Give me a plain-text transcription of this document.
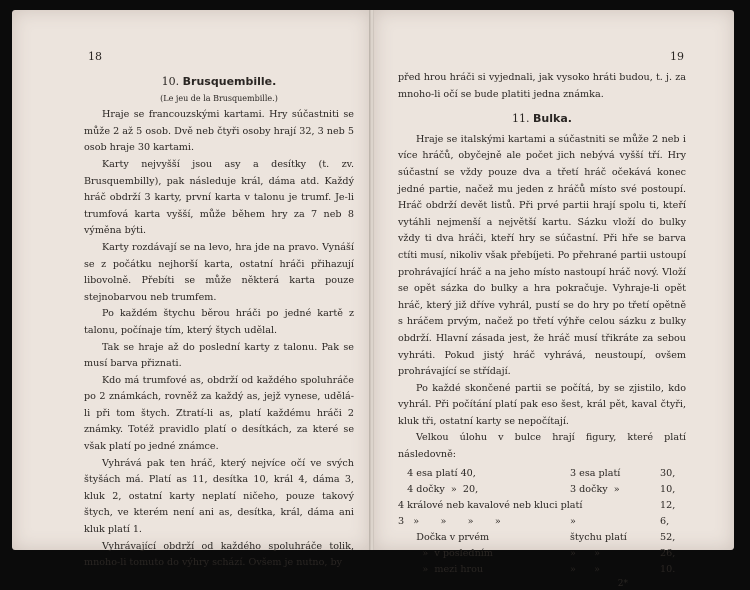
18

10. Brusquembille.

(Le jeu de la Brusquembille.)

Hraje se francouzskými kartami. Hry súčastniti se může 2 až 5 osob. Dvě neb čtyři osoby hrají 32, 3 neb 5 osob hraje 30 kartami.

Karty nejvyšší jsou asy a desítky (t. zv. Brusquembilly), pak následuje král, dáma atd. Každý hráč obdrží 3 karty, první karta v talonu je trumf. Je-li trumfová karta vyšší, může během hry za 7 neb 8 výměna býti.

Karty rozdávají se na levo, hra jde na pravo. Vynáší se z počátku nejhorší karta, ostatní hráči přihazují libovolně. Přebíti se může některá karta pouze stejnobarvou neb trumfem.

Po každém štychu běrou hráči po jedné kartě z talonu, počínaje tím, který štych udělal.

Tak se hraje až do poslední karty z talonu. Pak se musí barva přiznati.

Kdo má trumfové as, obdrží od každého spoluhráče po 2 známkách, rovněž za každý as, jejž vynese, udělá-li při tom štych. Ztratí-li as, platí každému hráči 2 známky. Totéž pravidlo platí o desítkách, za které se však platí po jedné známce.

Vyhrává pak ten hráč, který nejvíce očí ve svých štyšách má. Platí as 11, desítka 10, král 4, dáma 3, kluk 2, ostatní karty neplatí ničeho, pouze takový štych, ve kterém není ani as, desítka, král, dáma ani kluk platí 1.

Vyhrávající obdrží od každého spoluhráče tolik, mnoho-li tomuto do výhry schází. Ovšem je nutno, by

19

před hrou hráči si vyjednali, jak vysoko hráti budou, t. j. za mnoho-li očí se bude platiti jedna známka.

11. Bulka.

Hraje se italskými kartami a súčastniti se může 2 neb i více hráčů, obyčejně ale počet jich nebývá vyšší tří. Hry súčastní se vždy pouze dva a třetí hráč očekává konec jedné partie, načež mu jeden z hráčů místo své postoupí. Hráč obdrží devět listů. Při prvé partii hrají spolu ti, kteří vytáhli nejmenší a největší kartu. Sázku vloží do bulky vždy ti dva hráči, kteří hry se súčastní. Při hře se barva ctíti musí, nikoliv však přebíjeti. Po přehrané partii ustoupí prohrávající hráč a na jeho místo nastoupí hráč nový. Vloží se opět sázka do bulky a hra pokračuje. Vyhraje-li opět hráč, který již dříve vyhrál, pustí se do hry po třetí opětně s hráčem prvým, načež po třetí výhře celou sázku z bulky obdrží. Hlavní zásada jest, že hráč musí třikráte za sebou vyhráti. Pokud jistý hráč vyhrává, neustoupí, ovšem prohrávající se střídají.

Po každé skončené partii se počítá, by se zjistilo, kdo vyhrál. Při počítání platí pak eso šest, král pět, kaval čtyři, kluk tři, ostatní karty se nepočítají.

Velkou úlohu v bulce hrají figury, které platí následovně:

4 esa platí 40,	3 esa platí	30,
4 dočky  »  20,	3 dočky  »	10,
4 králové neb kavalové neb kluci platí	12,
3   »       »       »       »	»	6,
Dočka v prvém	štychu platí	52,
»  v posledním	»      »	26,
»  mezi hrou	»      »	10.
2*
